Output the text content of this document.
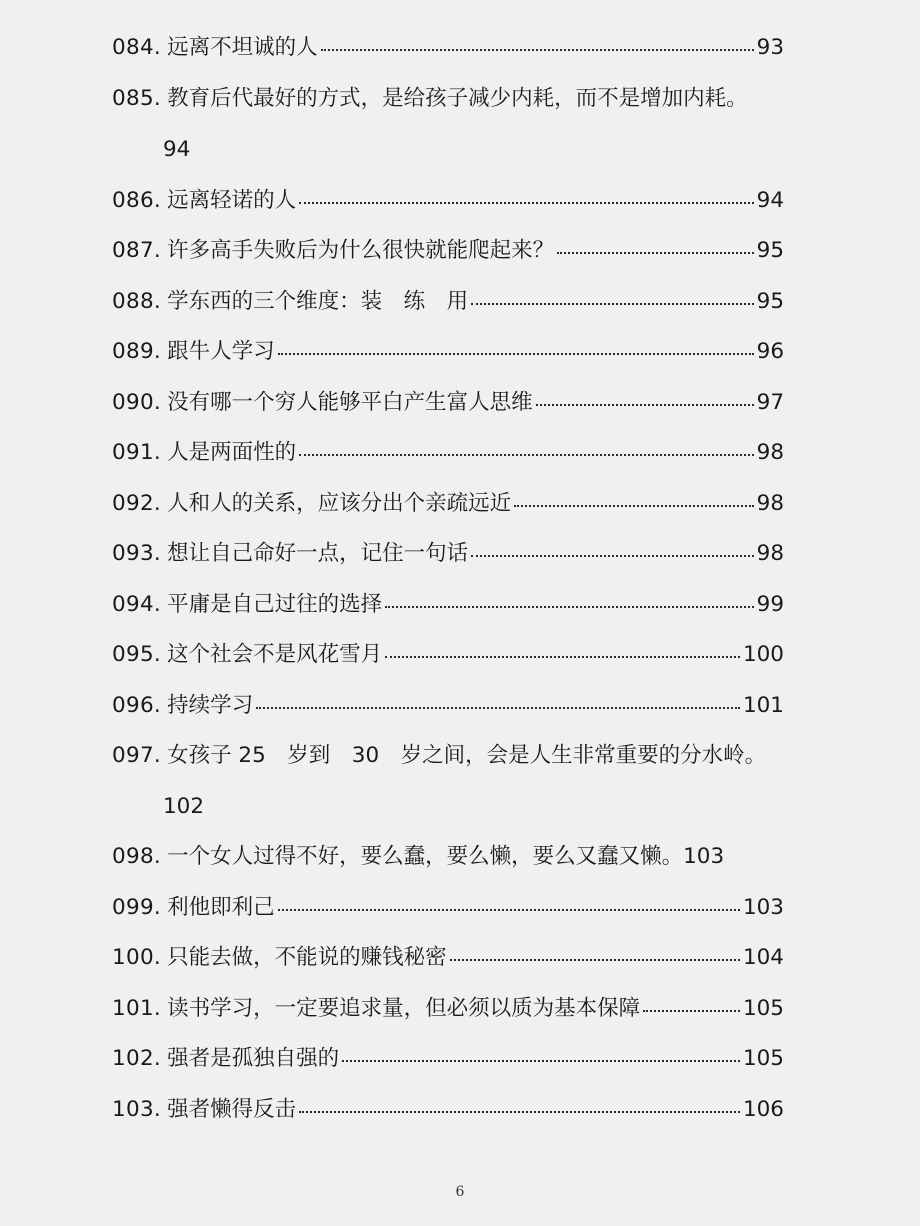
084. 远离不坦诚的人	93
085. 教育后代最好的方式，是给孩子减少内耗，而不是增加内耗。
94
086. 远离轻诺的人	94
087. 许多高手失败后为什么很快就能爬起来？	95
088. 学东西的三个维度：装　练　用	95
089. 跟牛人学习	96
090. 没有哪一个穷人能够平白产生富人思维	97
091. 人是两面性的	98
092. 人和人的关系，应该分出个亲疏远近	98
093. 想让自己命好一点，记住一句话	98
094. 平庸是自己过往的选择	99
095. 这个社会不是风花雪月	100
096. 持续学习	101
097. 女孩子 25　岁到　30　岁之间，会是人生非常重要的分水岭。
102
098. 一个女人过得不好，要么蠢，要么懒，要么又蠢又懒。 103
099. 利他即利己	103
100. 只能去做，不能说的赚钱秘密	104
101. 读书学习，一定要追求量，但必须以质为基本保障	105
102. 强者是孤独自强的	105
103. 强者懒得反击	106
6
